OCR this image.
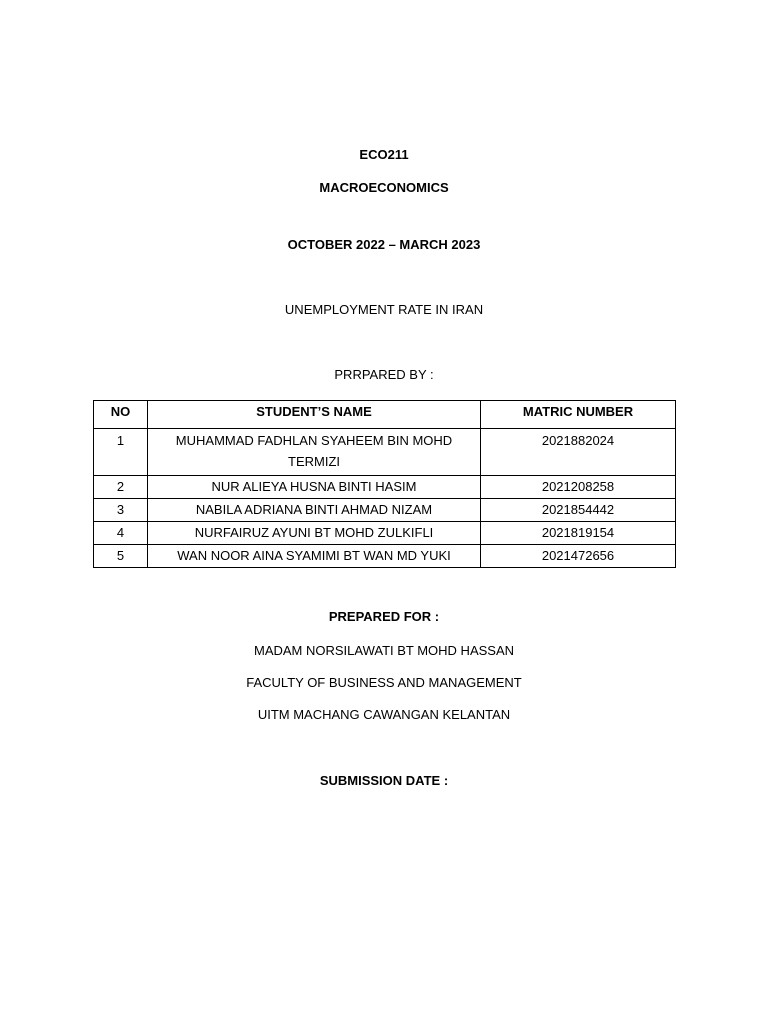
ECO211
MACROECONOMICS
OCTOBER 2022 – MARCH 2023
UNEMPLOYMENT RATE IN IRAN
PRRPARED BY :
NO	STUDENT’S NAME	MATRIC NUMBER
1	MUHAMMAD FADHLAN SYAHEEM BIN MOHD TERMIZI	2021882024
2	NUR ALIEYA HUSNA BINTI HASIM	2021208258
3	NABILA ADRIANA BINTI AHMAD NIZAM	2021854442
4	NURFAIRUZ AYUNI BT MOHD ZULKIFLI	2021819154
5	WAN NOOR AINA SYAMIMI BT WAN MD YUKI	2021472656
PREPARED FOR :
MADAM NORSILAWATI BT MOHD HASSAN
FACULTY OF BUSINESS AND MANAGEMENT
UITM MACHANG CAWANGAN KELANTAN
SUBMISSION DATE :
